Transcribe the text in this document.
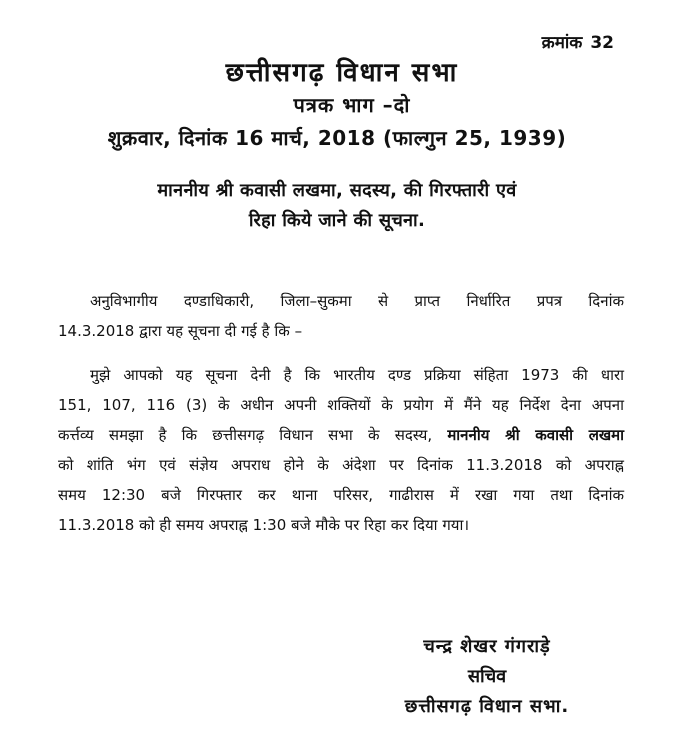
क्रमांक 32
छत्तीसगढ़ विधान सभा
पत्रक भाग –दो
शुक्रवार, दिनांक 16 मार्च, 2018 (फाल्गुन 25, 1939)
माननीय श्री कवासी लखमा, सदस्य, की गिरफ्तारी एवं
रिहा किये जाने की सूचना.
अनुविभागीय दण्डाधिकारी, जिला–सुकमा से प्राप्त निर्धारित प्रपत्र दिनांक
14.3.2018 द्वारा यह सूचना दी गई है कि –
मुझे आपको यह सूचना देनी है कि भारतीय दण्ड प्रक्रिया संहिता 1973 की धारा
151, 107, 116 (3) के अधीन अपनी शक्तियों के प्रयोग में मैंने यह निर्देश देना अपना
कर्त्तव्य समझा है कि छत्तीसगढ़ विधान सभा के सदस्य, माननीय श्री कवासी लखमा
को शांति भंग एवं संज्ञेय अपराध होने के अंदेशा पर दिनांक 11.3.2018 को अपराह्न
समय 12:30 बजे गिरफ्तार कर थाना परिसर, गाढीरास में रखा गया तथा दिनांक
11.3.2018 को ही समय अपराह्न 1:30 बजे मौके पर रिहा कर दिया गया।
चन्द्र शेखर गंगराड़े
सचिव
छत्तीसगढ़ विधान सभा.
